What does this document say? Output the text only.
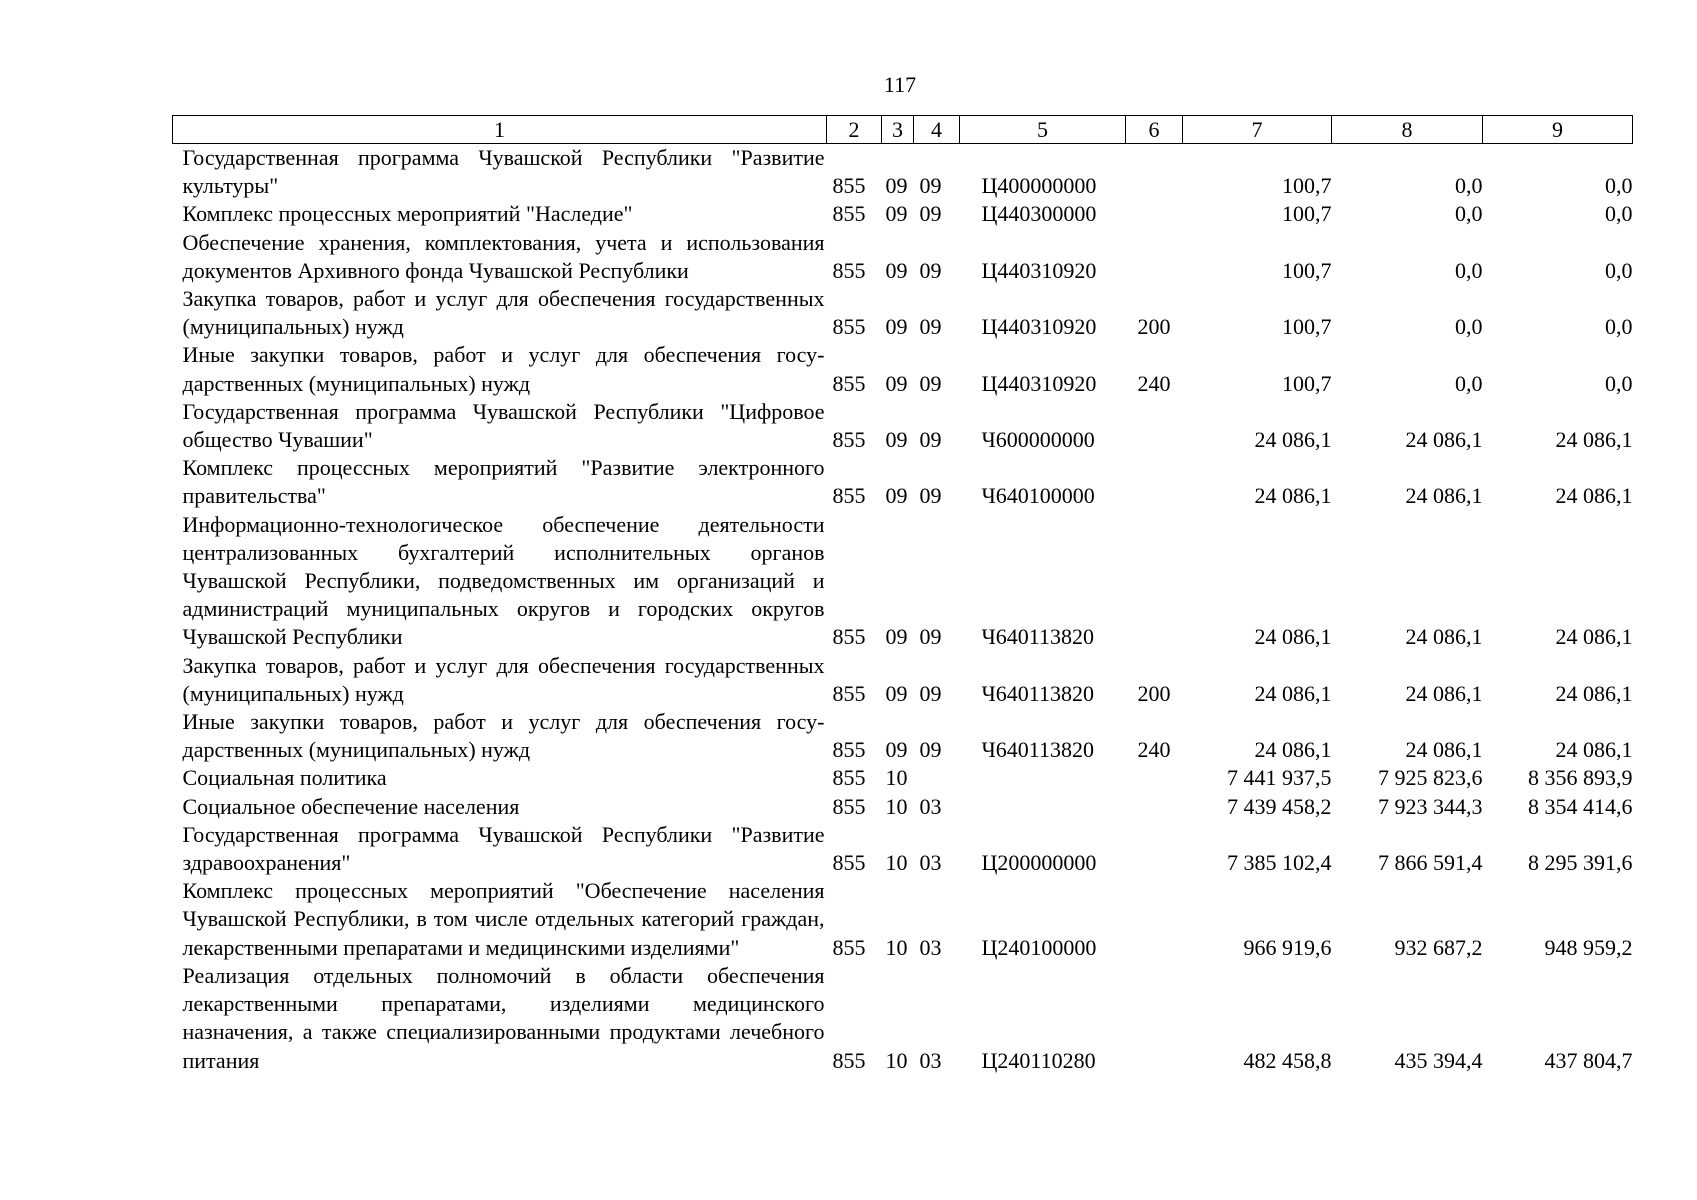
117
1	2	3	4	5	6	7	8	9
Государственная программа Чувашской Республики "Развитие культуры"	855	09	09	Ц400000000		100,7	0,0	0,0
Комплекс процессных мероприятий "Наследие"	855	09	09	Ц440300000		100,7	0,0	0,0
Обеспечение хранения, комплектования, учета и использования документов Архивного фонда Чувашской Республики	855	09	09	Ц440310920		100,7	0,0	0,0
Закупка товаров, работ и услуг для обеспечения государственных (муниципальных) нужд	855	09	09	Ц440310920	200	100,7	0,0	0,0
Иные закупки товаров, работ и услуг для обеспечения государственных (муниципальных) нужд	855	09	09	Ц440310920	240	100,7	0,0	0,0
Государственная программа Чувашской Республики "Цифровое общество Чувашии"	855	09	09	Ч600000000		24 086,1	24 086,1	24 086,1
Комплекс процессных мероприятий "Развитие электронного правительства"	855	09	09	Ч640100000		24 086,1	24 086,1	24 086,1
Информационно-технологическое обеспечение деятельности централизованных бухгалтерий исполнительных органов Чувашской Республики, подведомственных им организаций и администраций муниципальных округов и городских округов Чувашской Республики	855	09	09	Ч640113820		24 086,1	24 086,1	24 086,1
Закупка товаров, работ и услуг для обеспечения государственных (муниципальных) нужд	855	09	09	Ч640113820	200	24 086,1	24 086,1	24 086,1
Иные закупки товаров, работ и услуг для обеспечения государственных (муниципальных) нужд	855	09	09	Ч640113820	240	24 086,1	24 086,1	24 086,1
Социальная политика	855	10				7 441 937,5	7 925 823,6	8 356 893,9
Социальное обеспечение населения	855	10	03			7 439 458,2	7 923 344,3	8 354 414,6
Государственная программа Чувашской Республики "Развитие здравоохранения"	855	10	03	Ц200000000		7 385 102,4	7 866 591,4	8 295 391,6
Комплекс процессных мероприятий "Обеспечение населения Чувашской Республики, в том числе отдельных категорий граждан, лекарственными препаратами и медицинскими изделиями"	855	10	03	Ц240100000		966 919,6	932 687,2	948 959,2
Реализация отдельных полномочий в области обеспечения лекарственными препаратами, изделиями медицинского назначения, а также специализированными продуктами лечебного питания	855	10	03	Ц240110280		482 458,8	435 394,4	437 804,7
